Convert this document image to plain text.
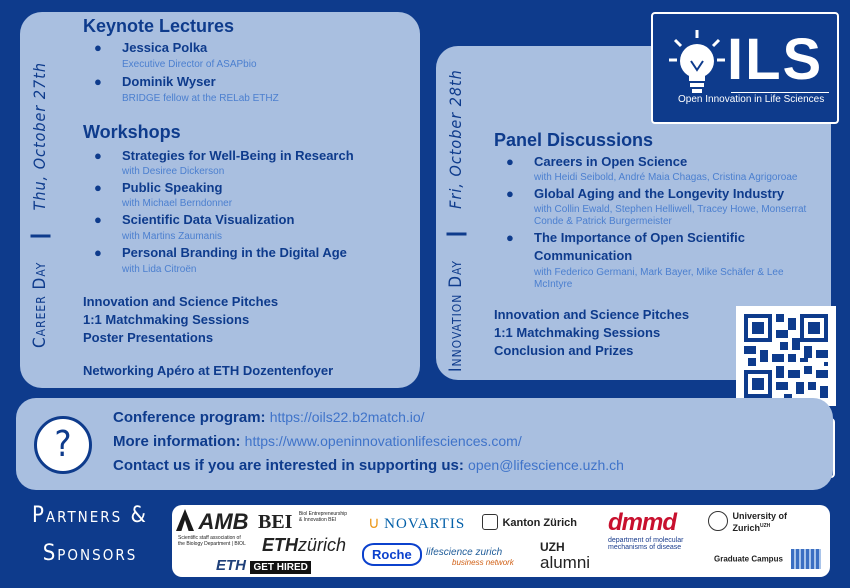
Career Day  Thu, October 27th
Keynote Lectures
● Jessica Polka
Executive Director of ASAPbio
● Dominik Wyser
BRIDGE fellow at the RELab ETHZ
Workshops
● Strategies for Well-Being in Research
with Desiree Dickerson
● Public Speaking
with Michael Berndonner
● Scientific Data Visualization
with Martins Zaumanis
● Personal Branding in the Digital Age
with Lida Citroën
Innovation and Science Pitches
1:1 Matchmaking Sessions
Poster Presentations
Networking Apéro at ETH Dozentenfoyer	Innovation Day  Fri, October 28th Panel Discussions
● Careers in Open Science
with Heidi Seibold, André Maia Chagas, Cristina Agrigoroae
● Global Aging and the Longevity Industry
with Collin Ewald, Stephen Helliwell, Tracey Howe, Monserrat
Conde & Patrick Burgermeister
● The Importance of Open Scientific
Communication
with Federico Germani, Mark Bayer, Mike Schäfer & Lee
McIntyre
Innovation and Science Pitches
1:1 Matchmaking Sessions
Conclusion and Prizes
ILS
Open Innovation in Life Sciences
?
Conference program: https://oils22.b2match.io/
More information: https://www.openinnovationlifesciences.com/
Contact us if you are interested in supporting us: open@lifescience.uzh.ch
Partners &
Sponsors
AMB
Scientific staff association of
the Biology Department | BIOL
BEI Biol Entrepreneurship
& Innovation BEI	∪ NOVARTIS	Kanton Zürich dmmd
department of molecular
mechanisms of disease

University of
Zurich$^{UZH}$
ETHzürich
ETH GET HIRED
Roche	lifescience zurich
business network
UZH
alumni	Graduate Campus
